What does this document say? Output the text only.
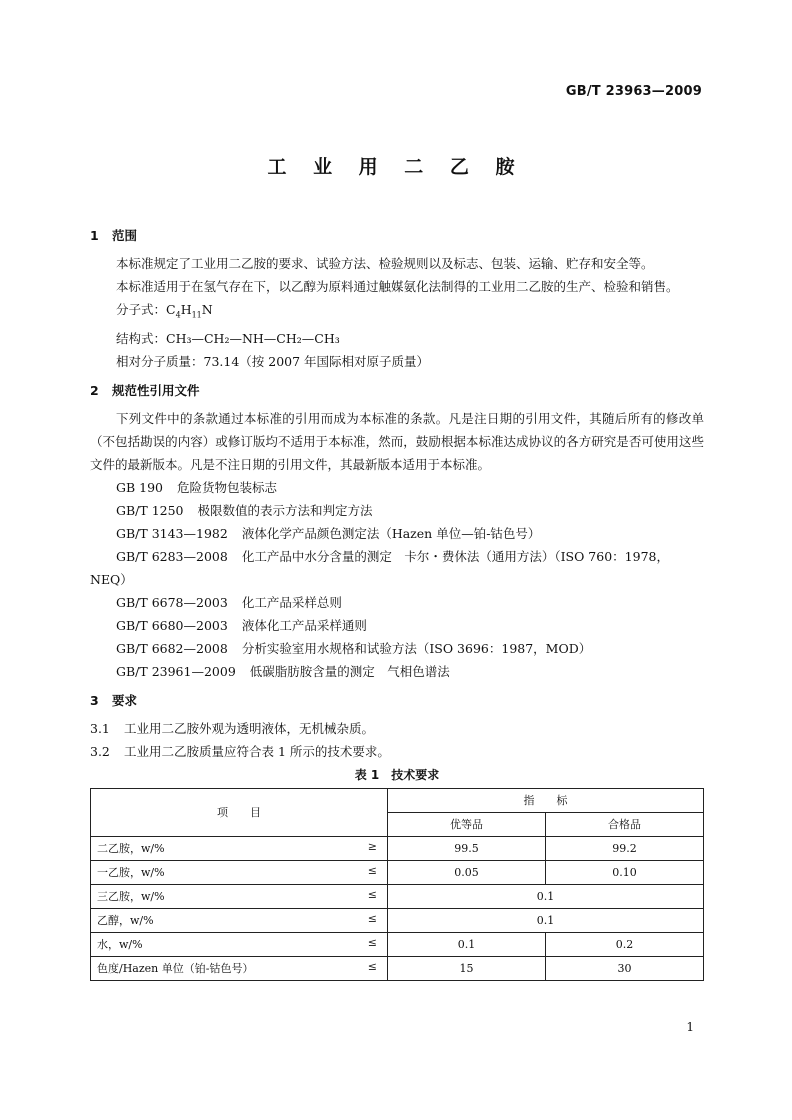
GB/T 23963—2009
工 业 用 二 乙 胺
1 范围

本标准规定了工业用二乙胺的要求、试验方法、检验规则以及标志、包装、运输、贮存和安全等。

本标准适用于在氢气存在下，以乙醇为原料通过触媒氨化法制得的工业用二乙胺的生产、检验和销售。

分子式：$C_4H_{11}N$

结构式：CH₃—CH₂—NH—CH₂—CH₃

相对分子质量：73.14（按 2007 年国际相对原子质量）

2 规范性引用文件

下列文件中的条款通过本标准的引用而成为本标准的条款。凡是注日期的引用文件，其随后所有的修改单（不包括勘误的内容）或修订版均不适用于本标准，然而，鼓励根据本标准达成协议的各方研究是否可使用这些文件的最新版本。凡是不注日期的引用文件，其最新版本适用于本标准。

GB 190 危险货物包装标志

GB/T 1250 极限数值的表示方法和判定方法

GB/T 3143—1982 液体化学产品颜色测定法（Hazen 单位—铂-钴色号）

GB/T 6283—2008 化工产品中水分含量的测定　卡尔・费休法（通用方法）（ISO 760：1978，NEQ）

GB/T 6678—2003 化工产品采样总则

GB/T 6680—2003 液体化工产品采样通则

GB/T 6682—2008 分析实验室用水规格和试验方法（ISO 3696：1987，MOD）

GB/T 23961—2009 低碳脂肪胺含量的测定　气相色谱法

3 要求

3.1 工业用二乙胺外观为透明液体，无机械杂质。

3.2 工业用二乙胺质量应符合表 1 所示的技术要求。

表 1　技术要求
项　　目	指　　标	
	优等品	合格品

二乙胺，w/% ≥	99.5	99.2

一乙胺，w/% ≤	0.05	0.10

三乙胺，w/% ≤	0.1	

乙醇，w/% ≤	0.1	

水，w/% ≤	0.1	0.2

色度/Hazen 单位（铂-钴色号） ≤	15	30
1
